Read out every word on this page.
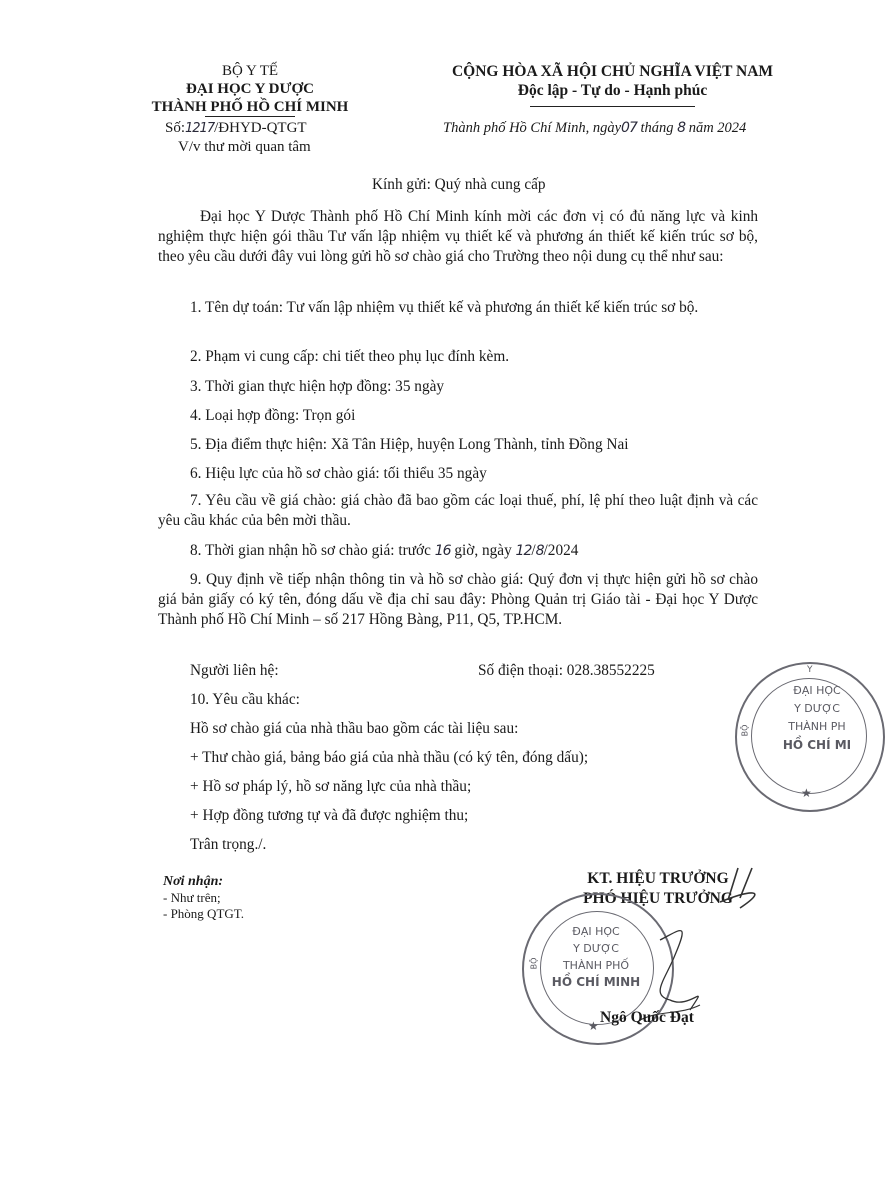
BỘ Y TẾ
ĐẠI HỌC Y DƯỢC
THÀNH PHỐ HỒ CHÍ MINH
Số:1217/ĐHYD-QTGT
V/v thư mời quan tâm
CỘNG HÒA XÃ HỘI CHỦ NGHĨA VIỆT NAM
Độc lập - Tự do - Hạnh phúc
Thành phố Hồ Chí Minh, ngày07 tháng 8 năm 2024
Kính gửi: Quý nhà cung cấp
Đại học Y Dược Thành phố Hồ Chí Minh kính mời các đơn vị có đủ năng lực và kinh nghiệm thực hiện gói thầu Tư vấn lập nhiệm vụ thiết kế và phương án thiết kế kiến trúc sơ bộ, theo yêu cầu dưới đây vui lòng gửi hồ sơ chào giá cho Trường theo nội dung cụ thể như sau:
1. Tên dự toán: Tư vấn lập nhiệm vụ thiết kế và phương án thiết kế kiến trúc sơ bộ.
2. Phạm vi cung cấp: chi tiết theo phụ lục đính kèm.
3. Thời gian thực hiện hợp đồng: 35 ngày
4. Loại hợp đồng: Trọn gói
5. Địa điểm thực hiện: Xã Tân Hiệp, huyện Long Thành, tỉnh Đồng Nai
6. Hiệu lực của hồ sơ chào giá: tối thiểu 35 ngày
7. Yêu cầu về giá chào: giá chào đã bao gồm các loại thuế, phí, lệ phí theo luật định và các yêu cầu khác của bên mời thầu.
8. Thời gian nhận hồ sơ chào giá: trước 16 giờ, ngày 12/8/2024
9. Quy định về tiếp nhận thông tin và hồ sơ chào giá: Quý đơn vị thực hiện gửi hồ sơ chào giá bản giấy có ký tên, đóng dấu về địa chỉ sau đây: Phòng Quản trị Giáo tài - Đại học Y Dược Thành phố Hồ Chí Minh – số 217 Hồng Bàng, P11, Q5, TP.HCM.
Người liên hệ:	Số điện thoại: 028.38552225
10. Yêu cầu khác:
Hồ sơ chào giá của nhà thầu bao gồm các tài liệu sau:
+ Thư chào giá, bảng báo giá của nhà thầu (có ký tên, đóng dấu);
+ Hồ sơ pháp lý, hồ sơ năng lực của nhà thầu;
+ Hợp đồng tương tự và đã được nghiệm thu;
Trân trọng./.
Nơi nhận:
- Như trên;
- Phòng QTGT.
Y
BỘ
ĐẠI HỌC
Y DƯỢC
THÀNH PH
HỒ CHÍ MI
★
KT. HIỆU TRƯỞNG
PHÓ HIỆU TRƯỞNG
BỘ
ĐẠI HỌC
Y DƯỢC
THÀNH PHỐ
HỒ CHÍ MINH
★ Ngô Quốc Đạt
